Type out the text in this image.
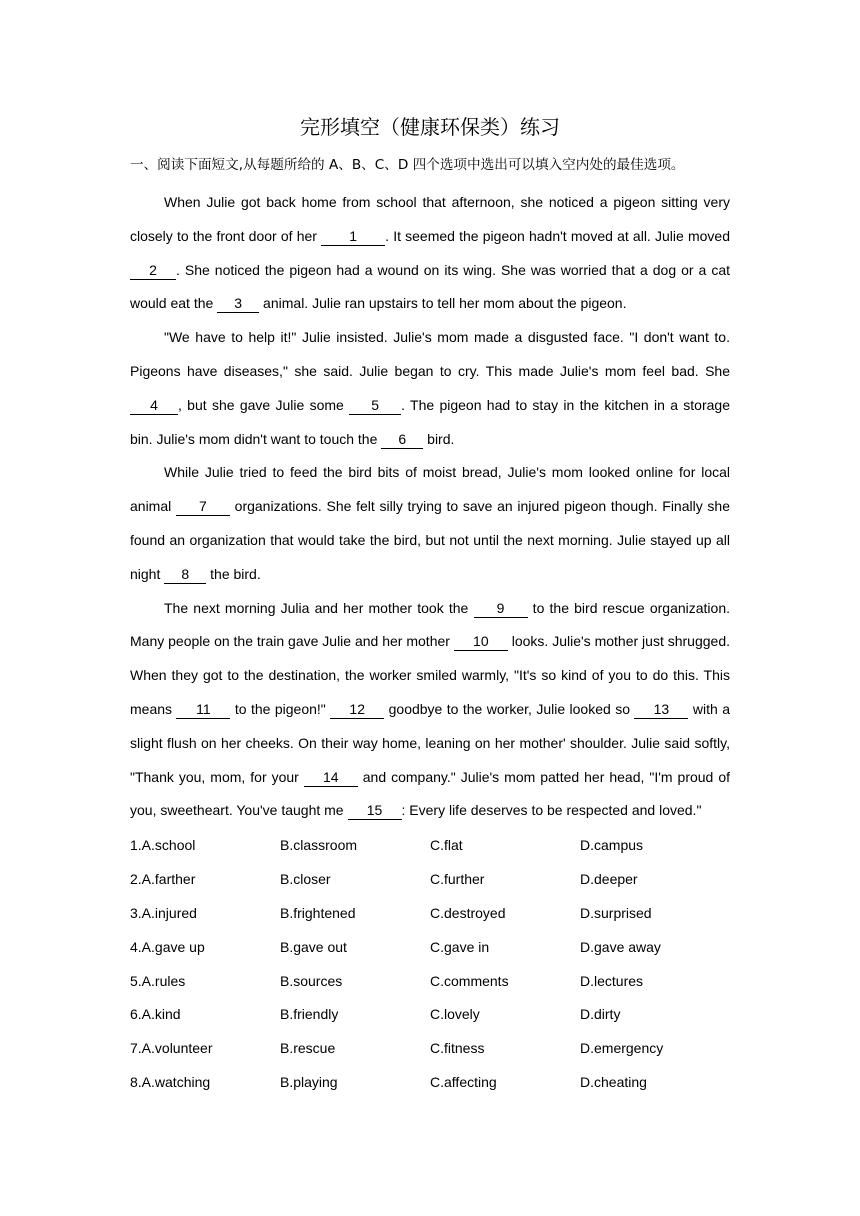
完形填空（健康环保类）练习
一、阅读下面短文,从每题所给的 A、B、C、D 四个选项中选出可以填入空内处的最佳选项。

When Julie got back home from school that afternoon, she noticed a pigeon sitting very closely to the front door of her 1 . It seemed the pigeon hadn't moved at all. Julie moved 2 . She noticed the pigeon had a wound on its wing. She was worried that a dog or a cat would eat the 3 animal. Julie ran upstairs to tell her mom about the pigeon.

"We have to help it!" Julie insisted. Julie's mom made a disgusted face. "I don't want to. Pigeons have diseases," she said. Julie began to cry. This made Julie's mom feel bad. She 4 , but she gave Julie some 5 . The pigeon had to stay in the kitchen in a storage bin. Julie's mom didn't want to touch the 6 bird.

While Julie tried to feed the bird bits of moist bread, Julie's mom looked online for local animal 7 organizations. She felt silly trying to save an injured pigeon though. Finally she found an organization that would take the bird, but not until the next morning. Julie stayed up all night 8 the bird.

The next morning Julia and her mother took the 9 to the bird rescue organization. Many people on the train gave Julie and her mother 10 looks. Julie's mother just shrugged. When they got to the destination, the worker smiled warmly, "It's so kind of you to do this. This means 11 to the pigeon!" 12 goodbye to the worker, Julie looked so 13 with a slight flush on her cheeks. On their way home, leaning on her mother' shoulder. Julie said softly, "Thank you, mom, for your 14 and company." Julie's mom patted her head, "I'm proud of you, sweetheart. You've taught me 15 : Every life deserves to be respected and loved."

1.A.school	B.classroom	C.flat	D.campus
2.A.farther	B.closer	C.further	D.deeper
3.A.injured	B.frightened	C.destroyed	D.surprised
4.A.gave up	B.gave out	C.gave in	D.gave away
5.A.rules	B.sources	C.comments	D.lectures
6.A.kind	B.friendly	C.lovely	D.dirty
7.A.volunteer	B.rescue	C.fitness	D.emergency
8.A.watching	B.playing	C.affecting	D.cheating
